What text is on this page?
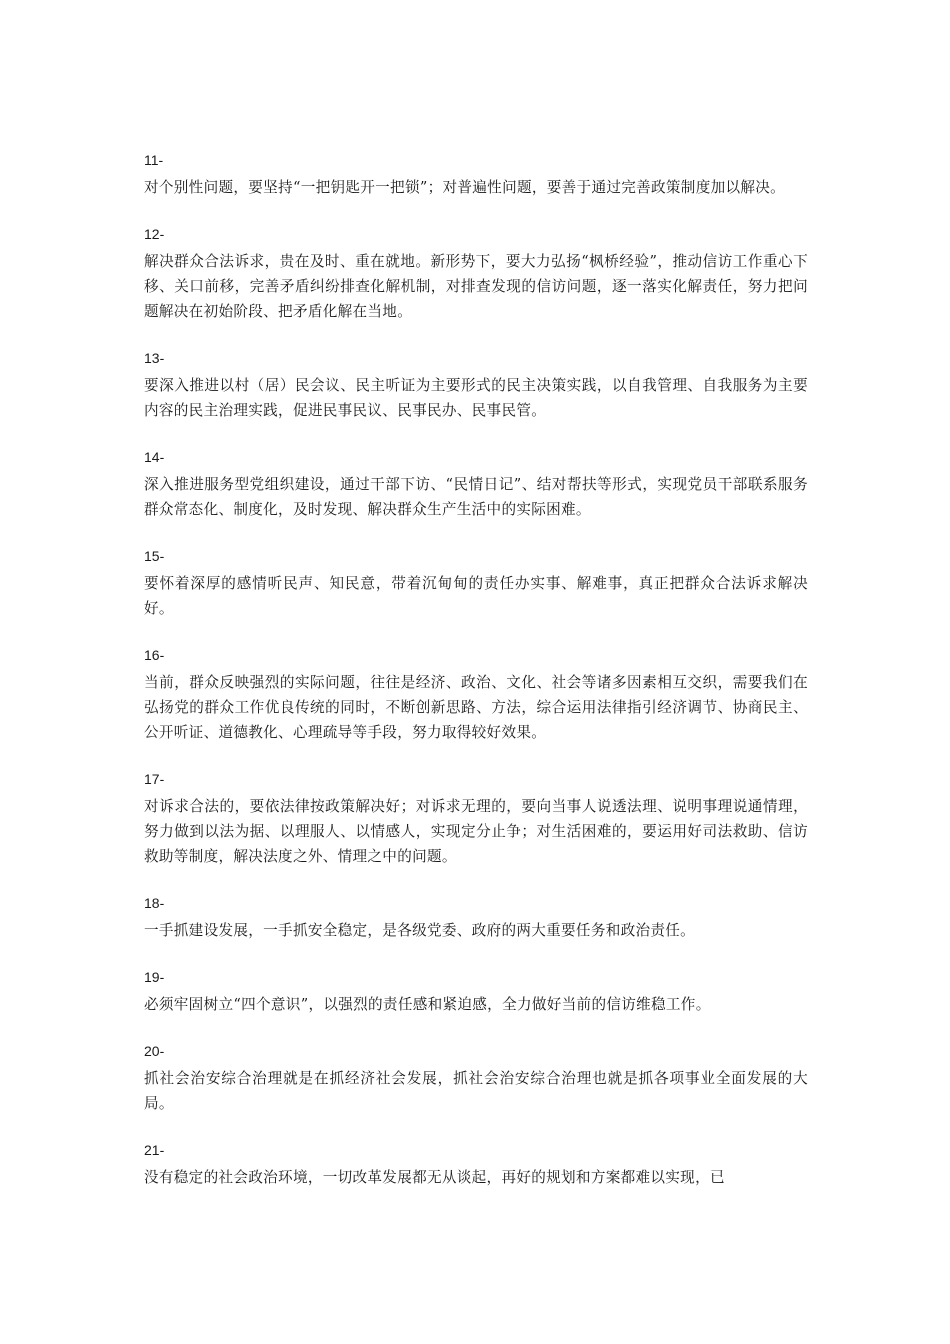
11-
对个别性问题，要坚持“一把钥匙开一把锁”；对普遍性问题，要善于通过完善政策制度加以解决。
12-
解决群众合法诉求，贵在及时、重在就地。新形势下，要大力弘扬“枫桥经验”，推动信访工作重心下移、关口前移，完善矛盾纠纷排查化解机制，对排查发现的信访问题，逐一落实化解责任，努力把问题解决在初始阶段、把矛盾化解在当地。
13-
要深入推进以村（居）民会议、民主听证为主要形式的民主决策实践，以自我管理、自我服务为主要内容的民主治理实践，促进民事民议、民事民办、民事民管。
14-
深入推进服务型党组织建设，通过干部下访、“民情日记”、结对帮扶等形式，实现党员干部联系服务群众常态化、制度化，及时发现、解决群众生产生活中的实际困难。
15-
要怀着深厚的感情听民声、知民意，带着沉甸甸的责任办实事、解难事，真正把群众合法诉求解决好。
16-
当前，群众反映强烈的实际问题，往往是经济、政治、文化、社会等诸多因素相互交织，需要我们在弘扬党的群众工作优良传统的同时，不断创新思路、方法，综合运用法律指引经济调节、协商民主、公开听证、道德教化、心理疏导等手段，努力取得较好效果。
17-
对诉求合法的，要依法律按政策解决好；对诉求无理的，要向当事人说透法理、说明事理说通情理，努力做到以法为据、以理服人、以情感人，实现定分止争；对生活困难的，要运用好司法救助、信访救助等制度，解决法度之外、情理之中的问题。
18-
一手抓建设发展，一手抓安全稳定，是各级党委、政府的两大重要任务和政治责任。
19-
必须牢固树立“四个意识”，以强烈的责任感和紧迫感，全力做好当前的信访维稳工作。
20-
抓社会治安综合治理就是在抓经济社会发展，抓社会治安综合治理也就是抓各项事业全面发展的大局。
21-
没有稳定的社会政治环境，一切改革发展都无从谈起，再好的规划和方案都难以实现，已
